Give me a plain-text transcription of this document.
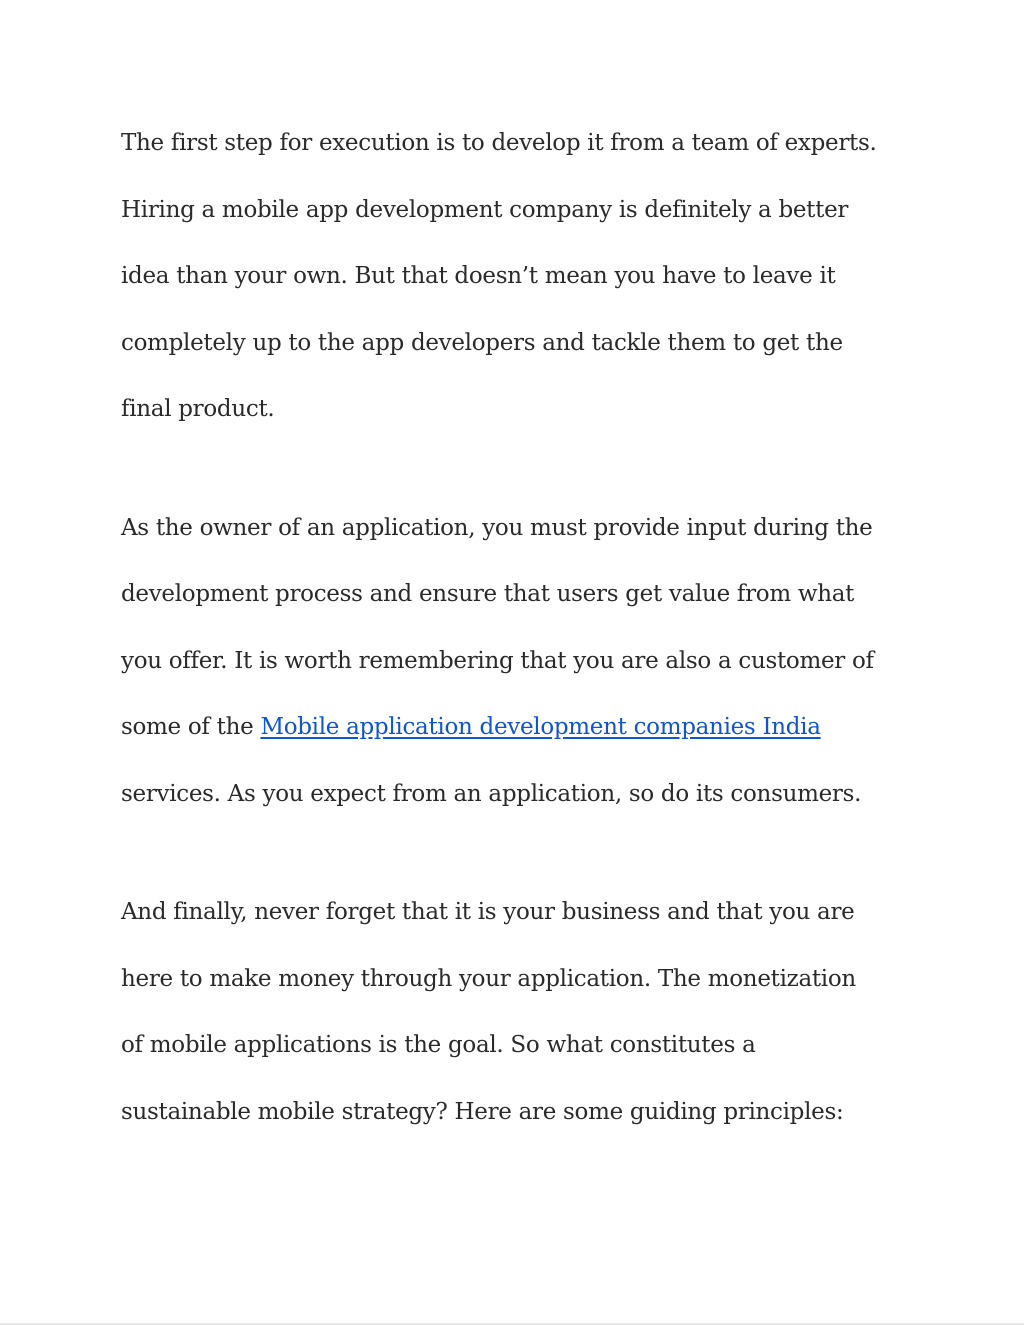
The first step for execution is to develop it from a team of experts.
Hiring a mobile app development company is definitely a better
idea than your own. But that doesn’t mean you have to leave it
completely up to the app developers and tackle them to get the
final product.

As the owner of an application, you must provide input during the
development process and ensure that users get value from what
you offer. It is worth remembering that you are also a customer of
some of the Mobile application development companies India
services. As you expect from an application, so do its consumers.

And finally, never forget that it is your business and that you are
here to make money through your application. The monetization
of mobile applications is the goal. So what constitutes a
sustainable mobile strategy? Here are some guiding principles:
